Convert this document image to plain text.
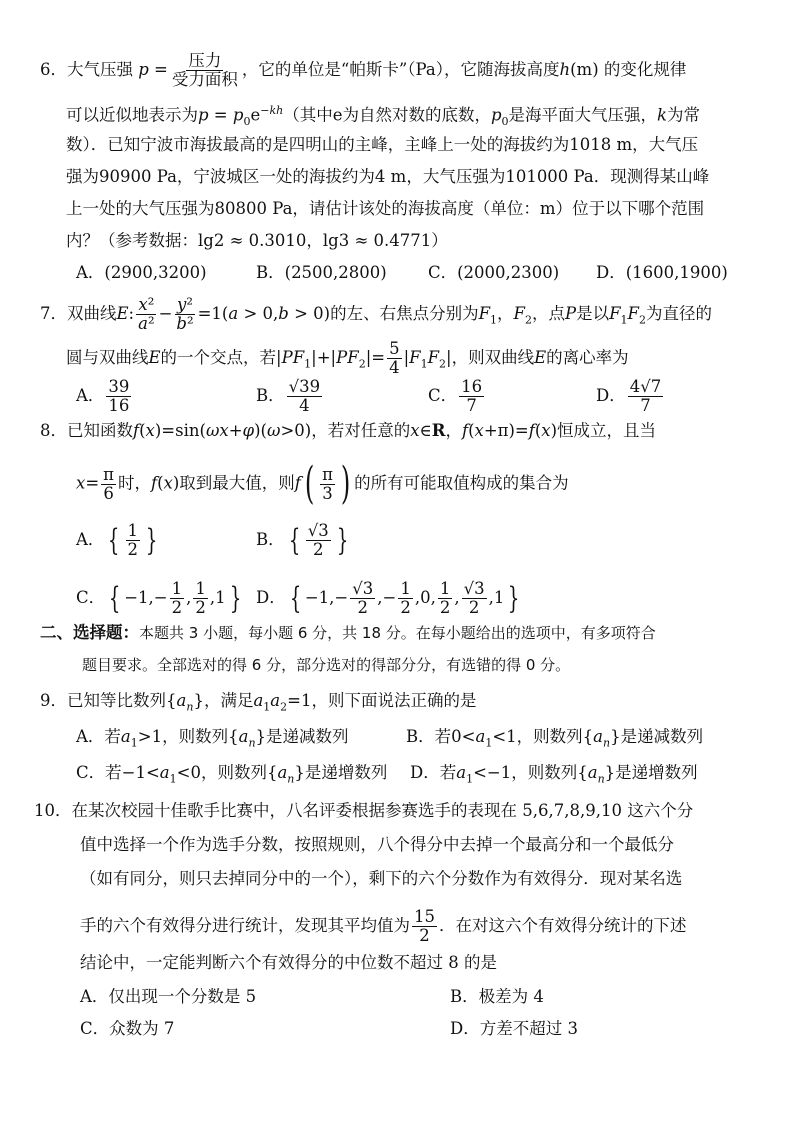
6．大气压强 $p = \frac{\text{压力}}{\text{受力面积}}$ ，它的单位是“帕斯卡”（Pa），它随海拔高度h(m) 的变化规律
可以近似地表示为$p = p_0e^{-kh}$（其中e为自然对数的底数，$p_0$是海平面大气压强，k为常
数）．已知宁波市海拔最高的是四明山的主峰，主峰上一处的海拔约为1018 m，大气压
强为90900 Pa，宁波城区一处的海拔约为4 m，大气压强为101000 Pa．现测得某山峰
上一处的大气压强为80800 Pa，请估计该处的海拔高度（单位：m）位于以下哪个范围
内？（参考数据：lg2 ≈ 0.3010，lg3 ≈ 0.4771）
A．(2900,3200)	B．(2500,2800)	C．(2000,2300) D．(1600,1900)
7．双曲线E: $\frac{\text{x²}}{\text{a²}} - \frac{\text{y²}}{\text{b²}} =1(a > 0,b > 0)$的左、右焦点分别为$F_1$，$F_2$，点P是以$F_1F_2$为直径的
圆与双曲线E的一个交点，若$|PF_1|+|PF_2|= \frac{5}{4} |F_1F_2|$，则双曲线E的离心率为
A． $\frac{39}{16}$	B． $\frac{√39}{4}$	C． $\frac{16}{7}$	D． $\frac{4√7}{7}$
8．已知函数f(x)=sin(ωx+φ)(ω>0)，若对任意的x∈R，f(x+π)=f(x)恒成立，且当
$x= \frac{\pi}{6}$ 时，f(x)取到最大值，则$f( \frac{\pi}{3}$ ) 的所有可能取值构成的集合为
A． { $\frac{1}{2}$ }	B． { $\frac{√3}{2}$ }
C． { $-1,- \frac{1}{2}$ , $\frac{1}{2} ,1$ } D． { $-1,- \frac{√3}{2}$ ,− $\frac{1}{2} ,0$, $\frac{1}{2}$ , $\frac{√3}{2} ,1$ }
二、选择题：本题共 3 小题，每小题 6 分，共 18 分。在每小题给出的选项中，有多项符合
题目要求。全部选对的得 6 分，部分选对的得部分分，有选错的得 0 分。
9．已知等比数列$\{a_n\}$，满足$a_1a_2=1$，则下面说法正确的是
A．若$a_1>1$，则数列$\{a_n\}$是递减数列	B．若$0<a_1<1$，则数列$\{a_n\}$是递减数列
C．若$-1<a_1<0$，则数列$\{a_n\}$是递增数列 D．若$a_1<-1$，则数列$\{a_n\}$是递增数列
10．在某次校园十佳歌手比赛中，八名评委根据参赛选手的表现在 5,6,7,8,9,10 这六个分
值中选择一个作为选手分数，按照规则，八个得分中去掉一个最高分和一个最低分
（如有同分，则只去掉同分中的一个），剩下的六个分数作为有效得分．现对某名选
手的六个有效得分进行统计，发现其平均值为 $\frac{15}{2}$ ．在对这六个有效得分统计的下述
结论中，一定能判断六个有效得分的中位数不超过 8 的是
A．仅出现一个分数是 5	B．极差为 4
C．众数为 7	D．方差不超过 3
